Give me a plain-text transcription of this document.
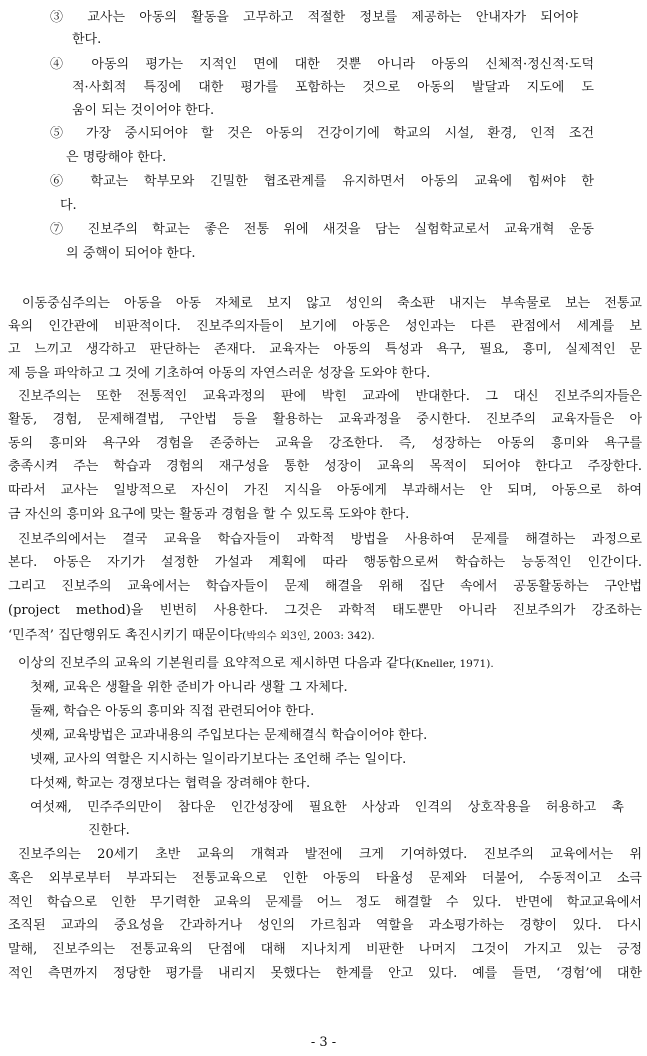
③ 교사는 아동의 활동을 고무하고 적절한 정보를 제공하는 안내자가 되어야
한다.
④ 아동의 평가는 지적인 면에 대한 것뿐 아니라 아동의 신체적·정신적·도덕
적·사회적 특징에 대한 평가를 포함하는 것으로 아동의 발달과 지도에 도
움이 되는 것이어야 한다.
⑤ 가장 중시되어야 할 것은 아동의 건강이기에 학교의 시설, 환경, 인적 조건
은 명랑해야 한다.
⑥ 학교는 학부모와 긴밀한 협조관계를 유지하면서 아동의 교육에 힘써야 한
다.
⑦ 진보주의 학교는 좋은 전통 위에 새것을 담는 실험학교로서 교육개혁 운동
의 중핵이 되어야 한다.
이동중심주의는 아동을 아동 자체로 보지 않고 성인의 축소판 내지는 부속물로 보는 전통교
육의 인간관에 비판적이다. 진보주의자들이 보기에 아동은 성인과는 다른 관점에서 세계를 보
고 느끼고 생각하고 판단하는 존재다. 교육자는 아동의 특성과 욕구, 필요, 흥미, 실제적인 문
제 등을 파악하고 그 것에 기초하여 아동의 자연스러운 성장을 도와야 한다.
진보주의는 또한 전통적인 교육과정의 판에 박힌 교과에 반대한다. 그 대신 진보주의자들은
활동, 경험, 문제해결법, 구안법 등을 활용하는 교육과정을 중시한다. 진보주의 교육자들은 아
동의 흥미와 욕구와 경험을 존중하는 교육을 강조한다. 즉, 성장하는 아동의 흥미와 욕구를
충족시켜 주는 학습과 경험의 재구성을 통한 성장이 교육의 목적이 되어야 한다고 주장한다.
따라서 교사는 일방적으로 자신이 가진 지식을 아동에게 부과해서는 안 되며, 아동으로 하여
금 자신의 흥미와 요구에 맞는 활동과 경험을 할 수 있도록 도와야 한다.
진보주의에서는 결국 교육을 학습자들이 과학적 방법을 사용하여 문제를 해결하는 과정으로
본다. 아동은 자기가 설정한 가설과 계획에 따라 행동함으로써 학습하는 능동적인 인간이다.
그리고 진보주의 교육에서는 학습자들이 문제 해결을 위해 집단 속에서 공동활동하는 구안법
(project method)을 빈번히 사용한다. 그것은 과학적 태도뿐만 아니라 진보주의가 강조하는
‘민주적’ 집단행위도 촉진시키기 때문이다(박의수 외3인, 2003: 342).
이상의 진보주의 교육의 기본원리를 요약적으로 제시하면 다음과 같다(Kneller, 1971).
첫째, 교육은 생활을 위한 준비가 아니라 생활 그 자체다.
둘째, 학습은 아동의 흥미와 직접 관련되어야 한다.
셋째, 교육방법은 교과내용의 주입보다는 문제해결식 학습이어야 한다.
넷째, 교사의 역할은 지시하는 일이라기보다는 조언해 주는 일이다.
다섯째, 학교는 경쟁보다는 협력을 장려해야 한다.
여섯째, 민주주의만이 참다운 인간성장에 필요한 사상과 인격의 상호작용을 허용하고 촉
진한다.
진보주의는 20세기 초반 교육의 개혁과 발전에 크게 기여하였다. 진보주의 교육에서는 위
혹은 외부로부터 부과되는 전통교육으로 인한 아동의 타율성 문제와 더불어, 수동적이고 소극
적인 학습으로 인한 무기력한 교육의 문제를 어느 정도 해결할 수 있다. 반면에 학교교육에서
조직된 교과의 중요성을 간과하거나 성인의 가르침과 역할을 과소평가하는 경향이 있다. 다시
말해, 진보주의는 전통교육의 단점에 대해 지나치게 비판한 나머지 그것이 가지고 있는 긍정
적인 측면까지 정당한 평가를 내리지 못했다는 한계를 안고 있다. 예를 들면, ‘경험’에 대한
- 3 -
